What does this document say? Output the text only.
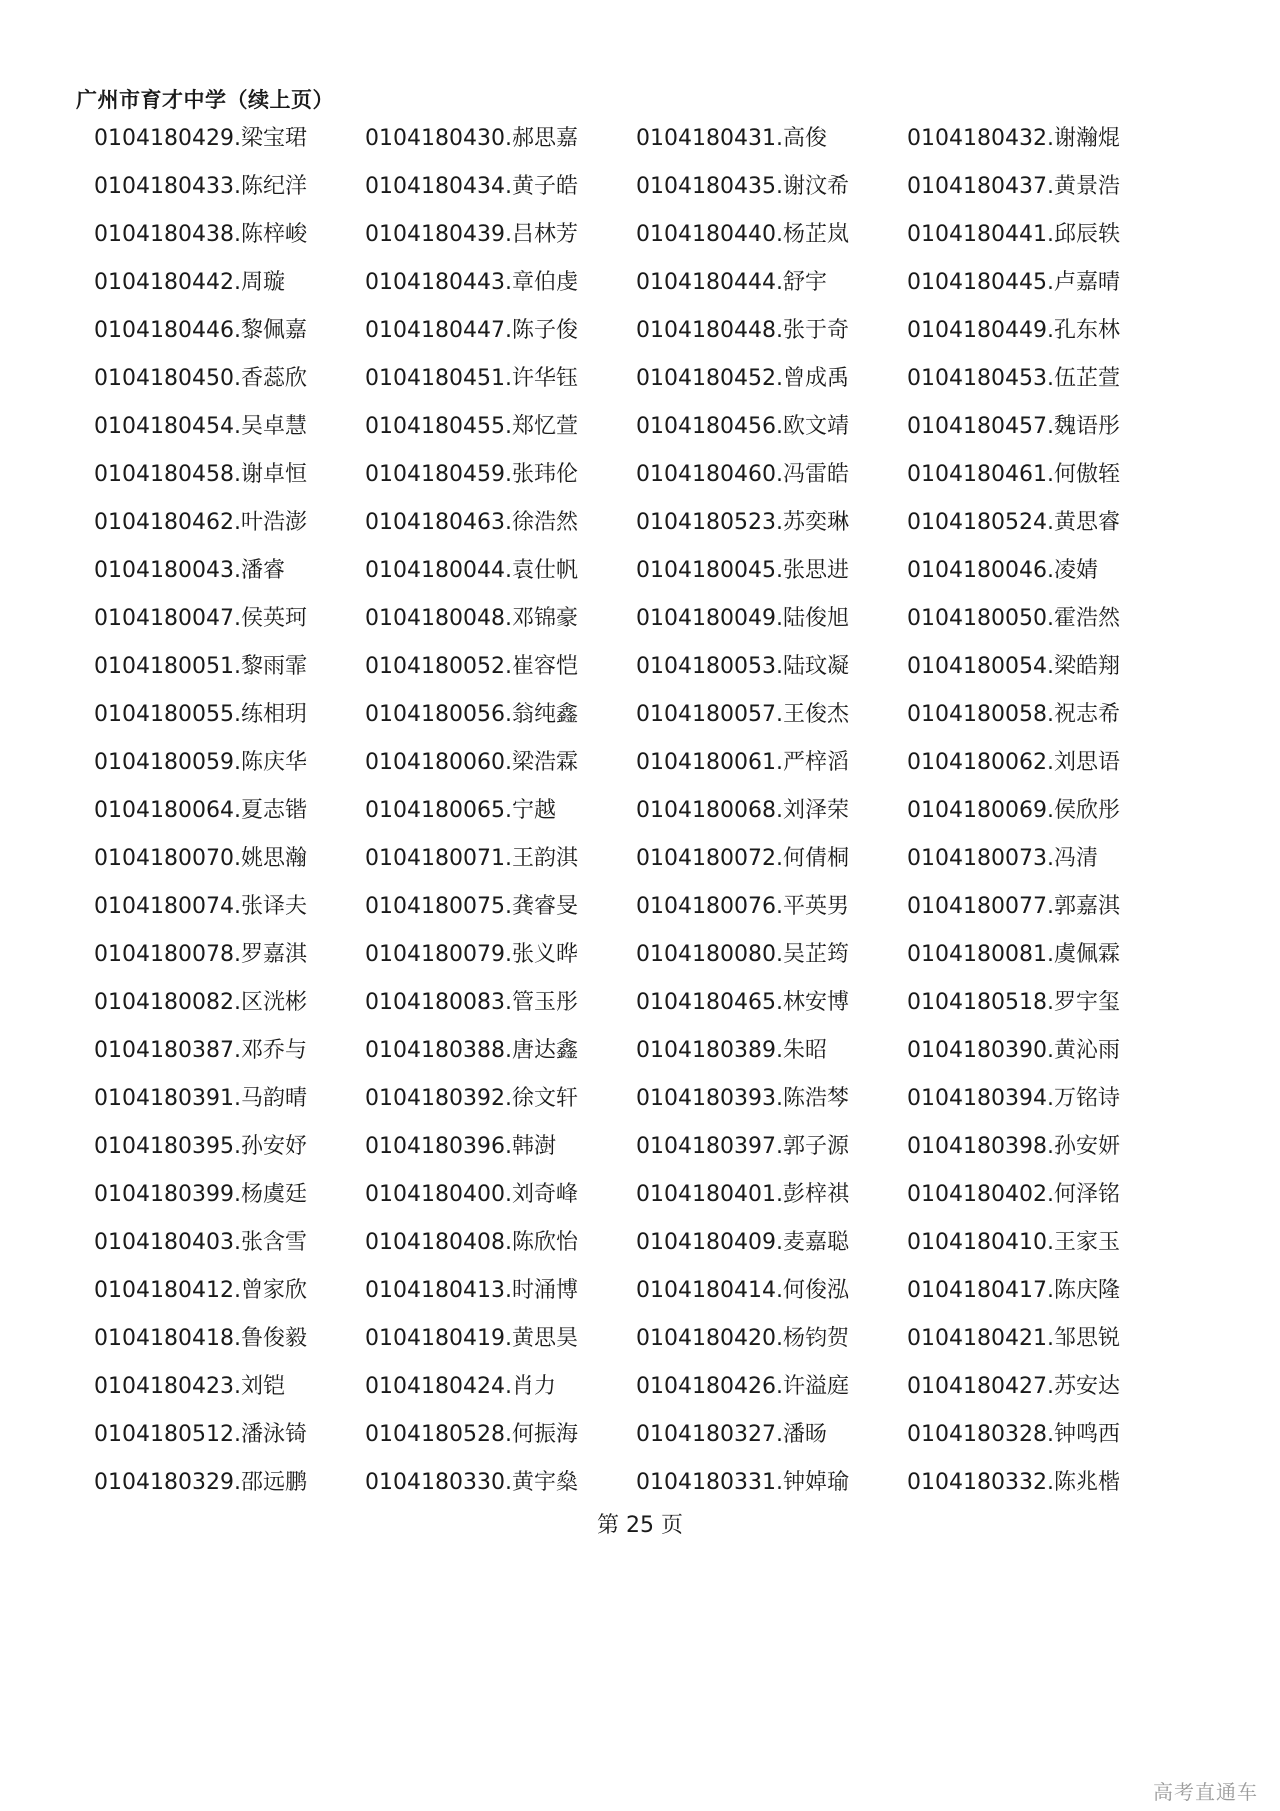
广州市育才中学（续上页）
0104180429.梁宝珺	0104180430.郝思嘉	0104180431.高俊	0104180432.谢瀚焜
0104180433.陈纪洋	0104180434.黄子皓	0104180435.谢汶希	0104180437.黄景浩
0104180438.陈梓峻	0104180439.吕林芳	0104180440.杨芷岚	0104180441.邱辰轶
0104180442.周璇	0104180443.章伯虔	0104180444.舒宇	0104180445.卢嘉晴
0104180446.黎佩嘉	0104180447.陈子俊	0104180448.张于奇	0104180449.孔东林
0104180450.香蕊欣	0104180451.许华钰	0104180452.曾成禹	0104180453.伍芷萱
0104180454.吴卓慧	0104180455.郑忆萱	0104180456.欧文靖	0104180457.魏语彤
0104180458.谢卓恒	0104180459.张玮伦	0104180460.冯雷皓	0104180461.何傲轾
0104180462.叶浩澎	0104180463.徐浩然	0104180523.苏奕琳	0104180524.黄思睿
0104180043.潘睿	0104180044.袁仕帆	0104180045.张思进	0104180046.凌婧
0104180047.侯英珂	0104180048.邓锦豪	0104180049.陆俊旭	0104180050.霍浩然
0104180051.黎雨霏	0104180052.崔容恺	0104180053.陆玟凝	0104180054.梁皓翔
0104180055.练相玥	0104180056.翁纯鑫	0104180057.王俊杰	0104180058.祝志希
0104180059.陈庆华	0104180060.梁浩霖	0104180061.严梓滔	0104180062.刘思语
0104180064.夏志锴	0104180065.宁越	0104180068.刘泽荣	0104180069.侯欣彤
0104180070.姚思瀚	0104180071.王韵淇	0104180072.何倩桐	0104180073.冯清
0104180074.张译夫	0104180075.龚睿旻	0104180076.平英男	0104180077.郭嘉淇
0104180078.罗嘉淇	0104180079.张义晔	0104180080.吴芷筠	0104180081.虞佩霖
0104180082.区洸彬	0104180083.管玉彤	0104180465.林安博	0104180518.罗宇玺
0104180387.邓乔与	0104180388.唐达鑫	0104180389.朱昭	0104180390.黄沁雨
0104180391.马韵晴	0104180392.徐文轩	0104180393.陈浩棽	0104180394.万铭诗
0104180395.孙安妤	0104180396.韩澍	0104180397.郭子源	0104180398.孙安妍
0104180399.杨虞廷	0104180400.刘奇峰	0104180401.彭梓祺	0104180402.何泽铭
0104180403.张含雪	0104180408.陈欣怡	0104180409.麦嘉聪	0104180410.王家玉
0104180412.曾家欣	0104180413.时涌博	0104180414.何俊泓	0104180417.陈庆隆
0104180418.鲁俊毅	0104180419.黄思昊	0104180420.杨钧贺	0104180421.邹思锐
0104180423.刘铠	0104180424.肖力	0104180426.许溢庭	0104180427.苏安达
0104180512.潘泳锜	0104180528.何振海	0104180327.潘旸	0104180328.钟鸣西
0104180329.邵远鹏	0104180330.黄宇燊	0104180331.钟婥瑜	0104180332.陈兆楷
第 25 页
高考直通车
